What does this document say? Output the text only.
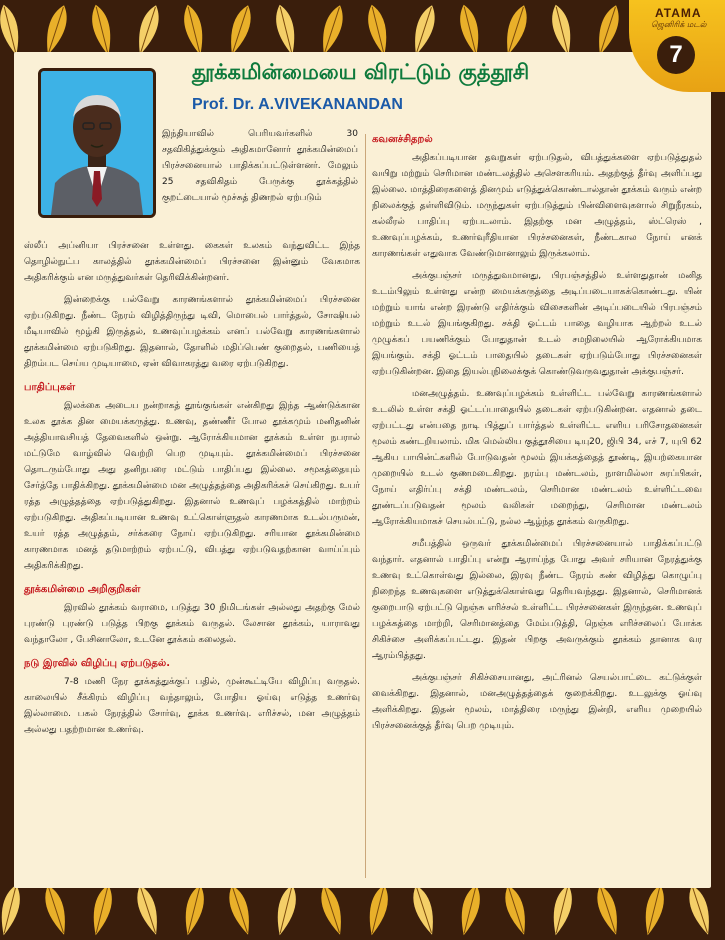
தூக்கமின்மையை விரட்டும் குத்தூசி
Prof. Dr. A.VIVEKANANDAN
இந்தியாவில் பெரியவர்களில் 30 சதவிகித்துக்கும் அதிகமானோர் தூக்கமின்மைப் பிரச்சனையால் பாதிக்கப்பட்டுள்ளனர். மேலும் 25 சதவிகிதம் பேருக்கு தூக்கத்தில் குறட்டையால் மூச்சுத் திணறல் ஏற்படும்

ஸ்லீப் அப்னியா பிரச்சனை உள்ளது. கைகள் உலகம் வந்துவிட்ட இந்த தொழில்நுட்ப காலத்தில் தூக்கமின்மைப் பிரச்சனை இன்னும் வேகமாக அதிகரிக்கும் என மருத்துவர்கள் தெரிவிக்கின்றனர்.

இன்றைக்கு பல்வேறு காரணங்களால் தூக்கமின்மைப் பிரச்சனை ஏற்படுகிறது. நீண்ட நேரம் விழித்திருந்து டிவி, மொபைல் பார்த்தல், சோஷியல் மீடியாவில் மூழ்கி இருத்தல், உணவுப்பழக்கம் எனப் பல்வேறு காரணங்களால் தூக்கமின்மை ஏற்படுகிறது. இதனால், தோளில் மதிப்பெண் குறைதல், பணியைத் திறம்பட செய்ய முடியாமை, ஏன் விவாகரத்து வரை ஏற்படுகிறது.

பாதிப்புகள்

இலக்கை அடைய நன்றாகத் தூங்குங்கள் என்கிறது இந்த ஆண்டுக்கான உலக தூக்க தின மையக்கருத்து. உணவு, தண்ணீர் போல தூக்கமும் மனிதனின் அத்தியாவசியத் தேவைகளில் ஒன்று. ஆரோக்கியமான தூக்கம் உள்ள நபரால் மட்டுமே வாழ்வில் வெற்றி பெற முடியும். தூக்கமின்மைப் பிரச்சனை தொடரும்போது அது தனிநபரை மட்டும் பாதிப்பது இல்லை. சமூகத்தையும் சேர்த்தே பாதிக்கிறது. தூக்கமின்மை மன அழுத்தத்தை அதிகரிக்கச் செய்கிறது. உயர் ரத்த அழுத்தத்தை ஏற்படுத்துகிறது. இதனால் உணவுப் பழக்கத்தில் மாற்றம் ஏற்படுகிறது. அதிகப்படியான உணவு உட்கொள்ளுதல் காரணமாக உடல்பருமன், உயர் ரத்த அழுத்தம், சர்க்கரை நோய் ஏற்படுகிறது. சரியான தூக்கமின்மை காரணமாக மனத் தடுமாற்றம் ஏற்பட்டு, விபத்து ஏற்படுவதற்கான வாய்ப்பும் அதிகரிக்கிறது.

தூக்கமின்மை அறிகுறிகள்

இரவில் தூக்கம் வராமை, படுத்து 30 நிமிடங்கள் அல்லது அதற்கு மேல் புரண்டு புரண்டு படுத்த பிறகு தூக்கம் வருதல். லேசான தூக்கம், யாராவது வந்தாலோ , பேசினாலோ, உடனே தூக்கம் கலைதல்.

நடு இரவில் விழிப்பு ஏற்படுதல்.

7-8 மணி நேர தூக்கத்துக்குப் பதில், முன்கூட்டியே விழிப்பு வருதல். காலையில் சீக்கிரம் விழிப்பு வந்தாலும், போதிய ஓய்வு எடுத்த உணர்வு இல்லாமை. பகல் நேரத்தில் சோர்வு, தூக்க உணர்வு. எரிச்சல், மன அழுத்தம் அல்லது பதற்றமான உணர்வு.

கவனச்சிதறல்

அதிகப்படியான தவறுகள் ஏற்படுதல், விபத்துக்களை ஏற்படுத்துதல் வயிறு மற்றும் செரிமான மண்டலத்தில் அசௌகரியம். அதற்குத் தீர்வு அளிப்பது இல்லை. மாத்திரைகளைத் தினமும் எடுத்துக்கொண்டால்தான் தூக்கம் வரும் என்ற நிலைக்குத் தள்ளிவிடும். மருந்துகள் ஏற்படுத்தும் பின்விளைவுகளால் சிறுநீரகம், கல்லீரல் பாதிப்பு ஏற்படலாம். இதற்கு மன அழுத்தம், ஸ்ட்ரெஸ் , உணவுப்பழக்கம், உணர்வுரீதியான பிரச்சனைகள், நீண்டகால நோய் எனக் காரணங்கள் எதுவாக வேண்டுமானாலும் இருக்கலாம்.

அக்குபஞ்சர் மருத்துவமானது, பிரபஞ்சத்தில் உள்ளதுதான் மனித உடம்பிலும் உள்ளது என்ற மையக்கருத்தை அடிப்படையாகக்கொண்டது. யின் மற்றும் யாங் என்ற இரண்டு எதிர்க்கும் விசைகளின் அடிப்படையில் பிரபஞ்சம் மற்றும் உடல் இயங்குகிறது. சக்தி ஓட்டம் பாதை வழியாக ஆற்றல் உடல் முழுக்கப் பயணிக்கும் போதுதான் உடல் சமநிலையில் ஆரோக்கியமாக இயங்கும். சக்தி ஓட்டம் பாதையில் தடைகள் ஏற்படும்போது பிரச்சனைகள் ஏற்படுகின்றன. இதை இயல்புநிலைக்குக் கொண்டுவருவதுதான் அக்குபஞ்சர்.

மனஅழுத்தம். உணவுப்பழக்கம் உள்ளிட்ட பல்வேறு காரணங்களால் உடலில் உள்ள சக்தி ஓட்டப்பாதையில் தடைகள் ஏற்படுகின்றன. எதனால் தடை ஏற்பட்டது என்பதை நாடி பித்துப் பார்த்தல் உள்ளிட்ட எளிய பரிசோதனைகள் மூலம் கண்டறியலாம். மிக மெல்லிய குத்தூசியை டியு20, ஜிபி 34, எச் 7, யுபி 62 ஆகிய பாயின்ட்களில் போடுவதன் மூலம் இயக்கத்தைத் தூண்டி, இயற்கையான முறையில் உடல் குணமடைகிறது. நரம்பு மண்டலம், நாளமில்லா சுரப்பிகள், நோய் எதிர்ப்பு சக்தி மண்டலம், செரிமான மண்டலம் உள்ளிட்டவை தூண்டப்படுவதன் மூலம் வலிகள் மறைந்து, செரிமான மண்டலம் ஆரோக்கியமாகச் செயல்பட்டு, நல்ல ஆழ்ந்த தூக்கம் வருகிறது.

சமீபத்தில் ஒருவர் தூக்கமின்மைப் பிரச்சனையால் பாதிக்கப்பட்டு வந்தார். எதனால் பாதிப்பு என்று ஆராய்ந்த போது அவர் சரியான நேரத்துக்கு உணவு உட்கொள்வது இல்லை, இரவு நீண்ட நேரம் கண் விழித்து கொழுப்பு நிறைந்த உணவுகளை எடுத்துக்கொள்வது தெரியவந்தது. இதனால், செரிமானக் குறைபாடு ஏற்பட்டு நெஞ்சு எரிச்சல் உள்ளிட்ட பிரச்சனைகள் இருந்தன. உணவுப் பழக்கத்தை மாற்றி, செரிமானத்தை மேம்படுத்தி, நெஞ்சு எரிச்சலைப் போக்க சிகிச்சை அளிக்கப்பட்டது. இதன் பிறகு அவருக்கும் தூக்கம் தானாக வர ஆரம்பித்தது.

அக்குபஞ்சர் சிகிச்சையானது, அட்ரினல் செயல்பாட்டை கட்டுக்குள் வைக்கிறது. இதனால், மனஅழுத்தத்தைக் குறைக்கிறது. உடலுக்கு ஓய்வு அளிக்கிறது. இதன் மூலம், மாத்திரை மருந்து இன்றி, எளிய முறையில் பிரச்சனைக்குத் தீர்வு பெற முடியும்.

ATAMA
ஜெனிரிக் மடல்
7
